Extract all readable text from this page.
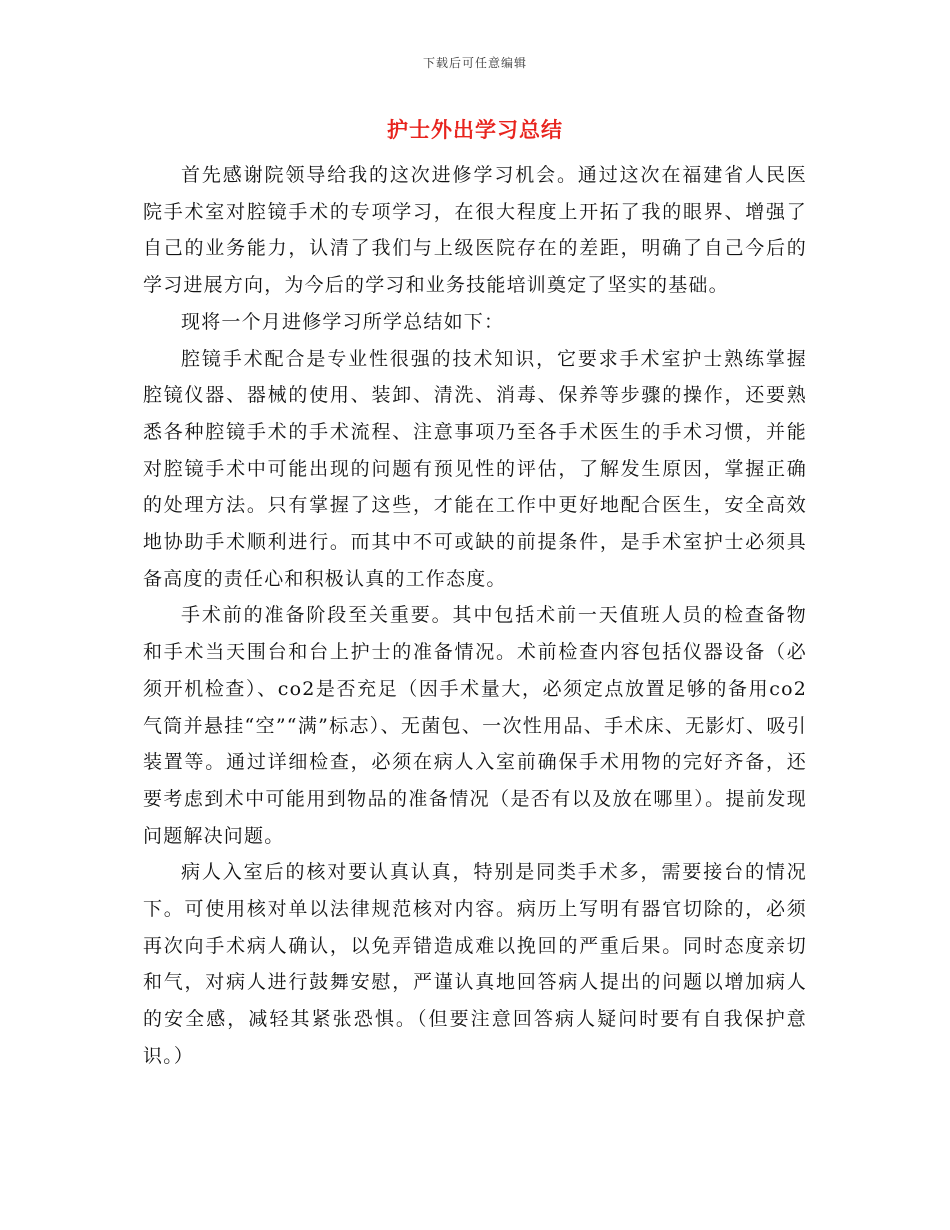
下载后可任意编辑
护士外出学习总结

首先感谢院领导给我的这次进修学习机会。通过这次在福建省人民医院手术室对腔镜手术的专项学习，在很大程度上开拓了我的眼界、增强了自己的业务能力，认清了我们与上级医院存在的差距，明确了自己今后的学习进展方向，为今后的学习和业务技能培训奠定了坚实的基础。

现将一个月进修学习所学总结如下：

腔镜手术配合是专业性很强的技术知识，它要求手术室护士熟练掌握腔镜仪器、器械的使用、装卸、清洗、消毒、保养等步骤的操作，还要熟悉各种腔镜手术的手术流程、注意事项乃至各手术医生的手术习惯，并能对腔镜手术中可能出现的问题有预见性的评估，了解发生原因，掌握正确的处理方法。只有掌握了这些，才能在工作中更好地配合医生，安全高效地协助手术顺利进行。而其中不可或缺的前提条件，是手术室护士必须具备高度的责任心和积极认真的工作态度。

手术前的准备阶段至关重要。其中包括术前一天值班人员的检查备物和手术当天围台和台上护士的准备情况。术前检查内容包括仪器设备（必须开机检查）、co2是否充足（因手术量大，必须定点放置足够的备用co2气筒并悬挂“空”“满”标志）、无菌包、一次性用品、手术床、无影灯、吸引装置等。通过详细检查，必须在病人入室前确保手术用物的完好齐备，还要考虑到术中可能用到物品的准备情况（是否有以及放在哪里）。提前发现问题解决问题。

病人入室后的核对要认真认真，特别是同类手术多，需要接台的情况下。可使用核对单以法律规范核对内容。病历上写明有器官切除的，必须再次向手术病人确认，以免弄错造成难以挽回的严重后果。同时态度亲切和气，对病人进行鼓舞安慰，严谨认真地回答病人提出的问题以增加病人的安全感，减轻其紧张恐惧。（但要注意回答病人疑问时要有自我保护意识。）
